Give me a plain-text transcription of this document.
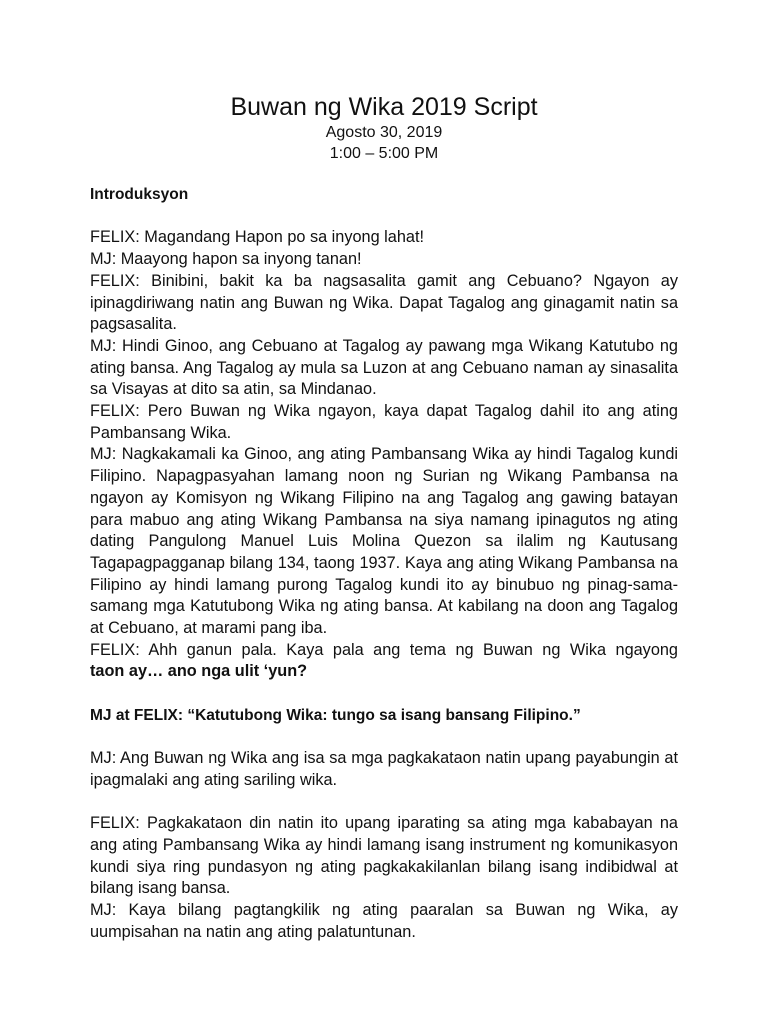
Buwan ng Wika 2019 Script
Agosto 30, 2019
1:00 – 5:00 PM
Introduksyon

FELIX: Magandang Hapon po sa inyong lahat!

MJ: Maayong hapon sa inyong tanan!

FELIX: Binibini, bakit ka ba nagsasalita gamit ang Cebuano? Ngayon ay ipinagdiriwang natin ang Buwan ng Wika. Dapat Tagalog ang ginagamit natin sa pagsasalita.

MJ: Hindi Ginoo, ang Cebuano at Tagalog ay pawang mga Wikang Katutubo ng ating bansa. Ang Tagalog ay mula sa Luzon at ang Cebuano naman ay sinasalita sa Visayas at dito sa atin, sa Mindanao.

FELIX: Pero Buwan ng Wika ngayon, kaya dapat Tagalog dahil ito ang ating Pambansang Wika.

MJ: Nagkakamali ka Ginoo, ang ating Pambansang Wika ay hindi Tagalog kundi Filipino. Napagpasyahan lamang noon ng Surian ng Wikang Pambansa na ngayon ay Komisyon ng Wikang Filipino na ang Tagalog ang gawing batayan para mabuo ang ating Wikang Pambansa na siya namang ipinagutos ng ating dating Pangulong Manuel Luis Molina Quezon sa ilalim ng Kautusang Tagapagpagganap bilang 134, taong 1937. Kaya ang ating Wikang Pambansa na Filipino ay hindi lamang purong Tagalog kundi ito ay binubuo ng pinag-sama-samang mga Katutubong Wika ng ating bansa. At kabilang na doon ang Tagalog at Cebuano, at marami pang iba.

FELIX: Ahh ganun pala. Kaya pala ang tema ng Buwan ng Wika ngayong

taon ay… ano nga ulit ‘yun?

MJ at FELIX: “Katutubong Wika: tungo sa isang bansang Filipino.”

MJ: Ang Buwan ng Wika ang isa sa mga pagkakataon natin upang payabungin at ipagmalaki ang ating sariling wika.

FELIX: Pagkakataon din natin ito upang iparating sa ating mga kababayan na ang ating Pambansang Wika ay hindi lamang isang instrument ng komunikasyon kundi siya ring pundasyon ng ating pagkakakilanlan bilang isang indibidwal at bilang isang bansa.

MJ: Kaya bilang pagtangkilik ng ating paaralan sa Buwan ng Wika, ay uumpisahan na natin ang ating palatuntunan.
